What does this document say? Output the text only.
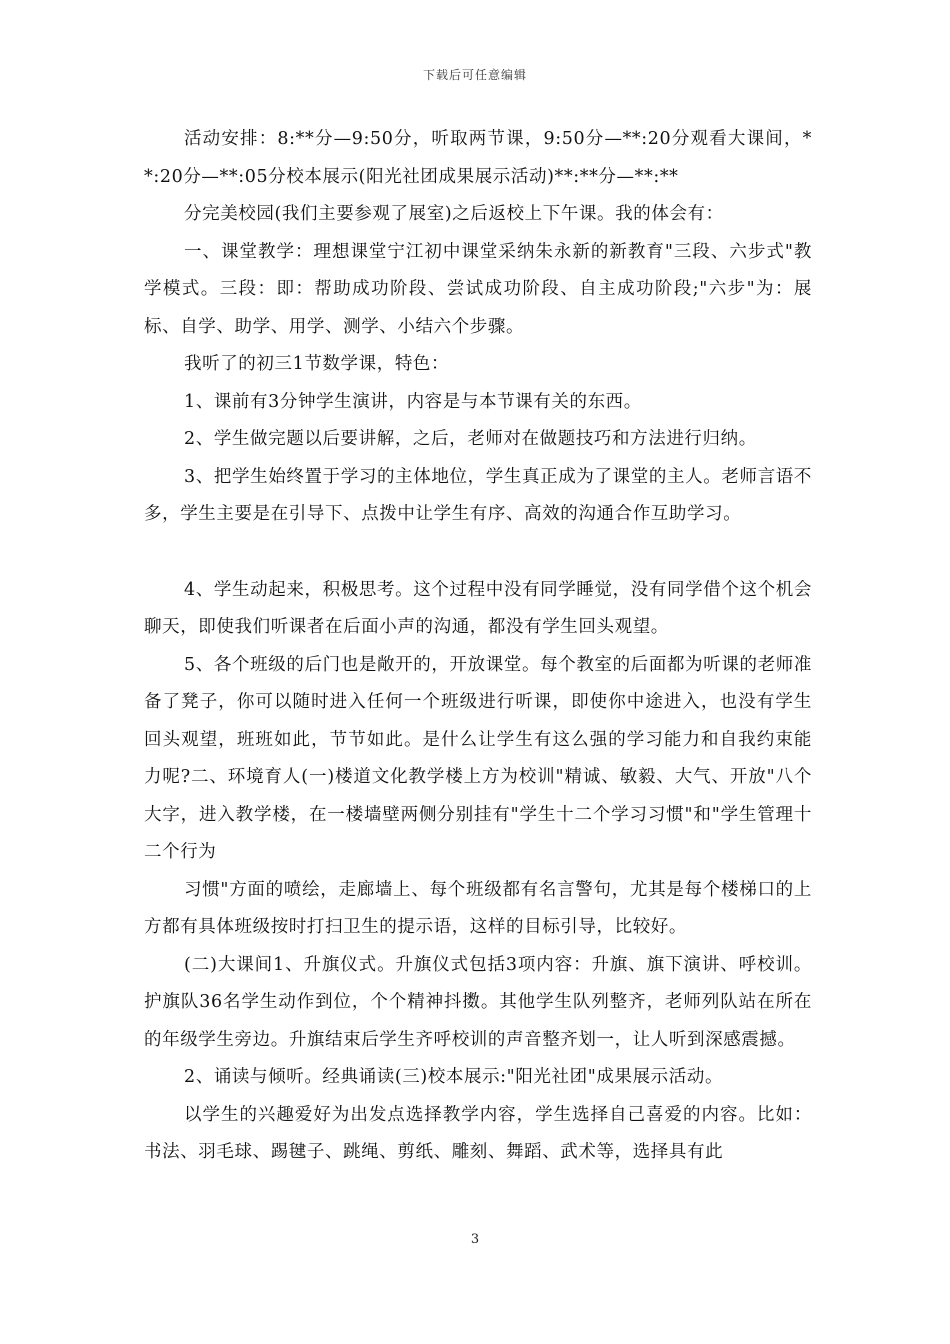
下载后可任意编辑

活动安排：8:**分—9:50分，听取两节课，9:50分—**:20分观看大课间，**:20分—**:05分校本展示(阳光社团成果展示活动)**:**分—**:**

分完美校园(我们主要参观了展室)之后返校上下午课。我的体会有：

一、课堂教学：理想课堂宁江初中课堂采纳朱永新的新教育"三段、六步式"教学模式。三段：即：帮助成功阶段、尝试成功阶段、自主成功阶段;"六步"为：展标、自学、助学、用学、测学、小结六个步骤。

我听了的初三1节数学课，特色：

1、课前有3分钟学生演讲，内容是与本节课有关的东西。

2、学生做完题以后要讲解，之后，老师对在做题技巧和方法进行归纳。

3、把学生始终置于学习的主体地位，学生真正成为了课堂的主人。老师言语不多，学生主要是在引导下、点拨中让学生有序、高效的沟通合作互助学习。

4、学生动起来，积极思考。这个过程中没有同学睡觉，没有同学借个这个机会聊天，即使我们听课者在后面小声的沟通，都没有学生回头观望。

5、各个班级的后门也是敞开的，开放课堂。每个教室的后面都为听课的老师准备了凳子，你可以随时进入任何一个班级进行听课，即使你中途进入，也没有学生回头观望，班班如此，节节如此。是什么让学生有这么强的学习能力和自我约束能力呢?二、环境育人(一)楼道文化教学楼上方为校训"精诚、敏毅、大气、开放"八个大字，进入教学楼，在一楼墙壁两侧分别挂有"学生十二个学习习惯"和"学生管理十二个行为

习惯"方面的喷绘，走廊墙上、每个班级都有名言警句，尤其是每个楼梯口的上方都有具体班级按时打扫卫生的提示语，这样的目标引导，比较好。

(二)大课间1、升旗仪式。升旗仪式包括3项内容：升旗、旗下演讲、呼校训。护旗队36名学生动作到位，个个精神抖擞。其他学生队列整齐，老师列队站在所在的年级学生旁边。升旗结束后学生齐呼校训的声音整齐划一，让人听到深感震撼。

2、诵读与倾听。经典诵读(三)校本展示:"阳光社团"成果展示活动。

以学生的兴趣爱好为出发点选择教学内容，学生选择自己喜爱的内容。比如：书法、羽毛球、踢毽子、跳绳、剪纸、雕刻、舞蹈、武术等，选择具有此

3
